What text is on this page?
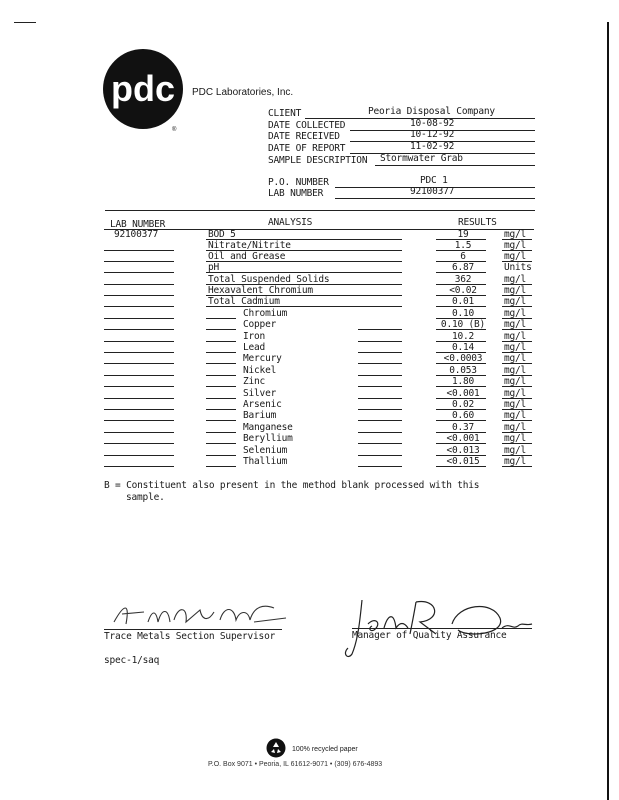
pdc
®
PDC Laboratories, Inc.
CLIENT	Peoria Disposal Company
DATE COLLECTED	10-08-92
DATE RECEIVED	10-12-92
DATE OF REPORT	11-02-92
SAMPLE DESCRIPTION Stormwater Grab
P.O. NUMBER	PDC 1
LAB NUMBER	92100377
LAB NUMBER	ANALYSIS	RESULTS
92100377	BOD 5	19	mg/l
Nitrate/Nitrite	1.5	mg/l
Oil and Grease	6	mg/l
pH	6.87	Units
Total Suspended Solids	362	mg/l
Hexavalent Chromium	<0.02	mg/l
Total Cadmium	0.01	mg/l
Chromium	0.10	mg/l
Copper	0.10 (B) mg/l
Iron	10.2	mg/l
Lead	0.14	mg/l
Mercury	<0.0003	mg/l
Nickel	0.053	mg/l
Zinc	1.80	mg/l
Silver	<0.001	mg/l
Arsenic	0.02	mg/l
Barium	0.60	mg/l
Manganese	0.37	mg/l
Beryllium	<0.001	mg/l
Selenium	<0.013	mg/l
Thallium	<0.015	mg/l
B = Constituent also present in the method blank processed with this
sample.
Trace Metals Section Supervisor	Manager of Quality Assurance
spec-1/saq
100% recycled paper
P.O. Box 9071 • Peoria, IL 61612-9071 • (309) 676-4893
